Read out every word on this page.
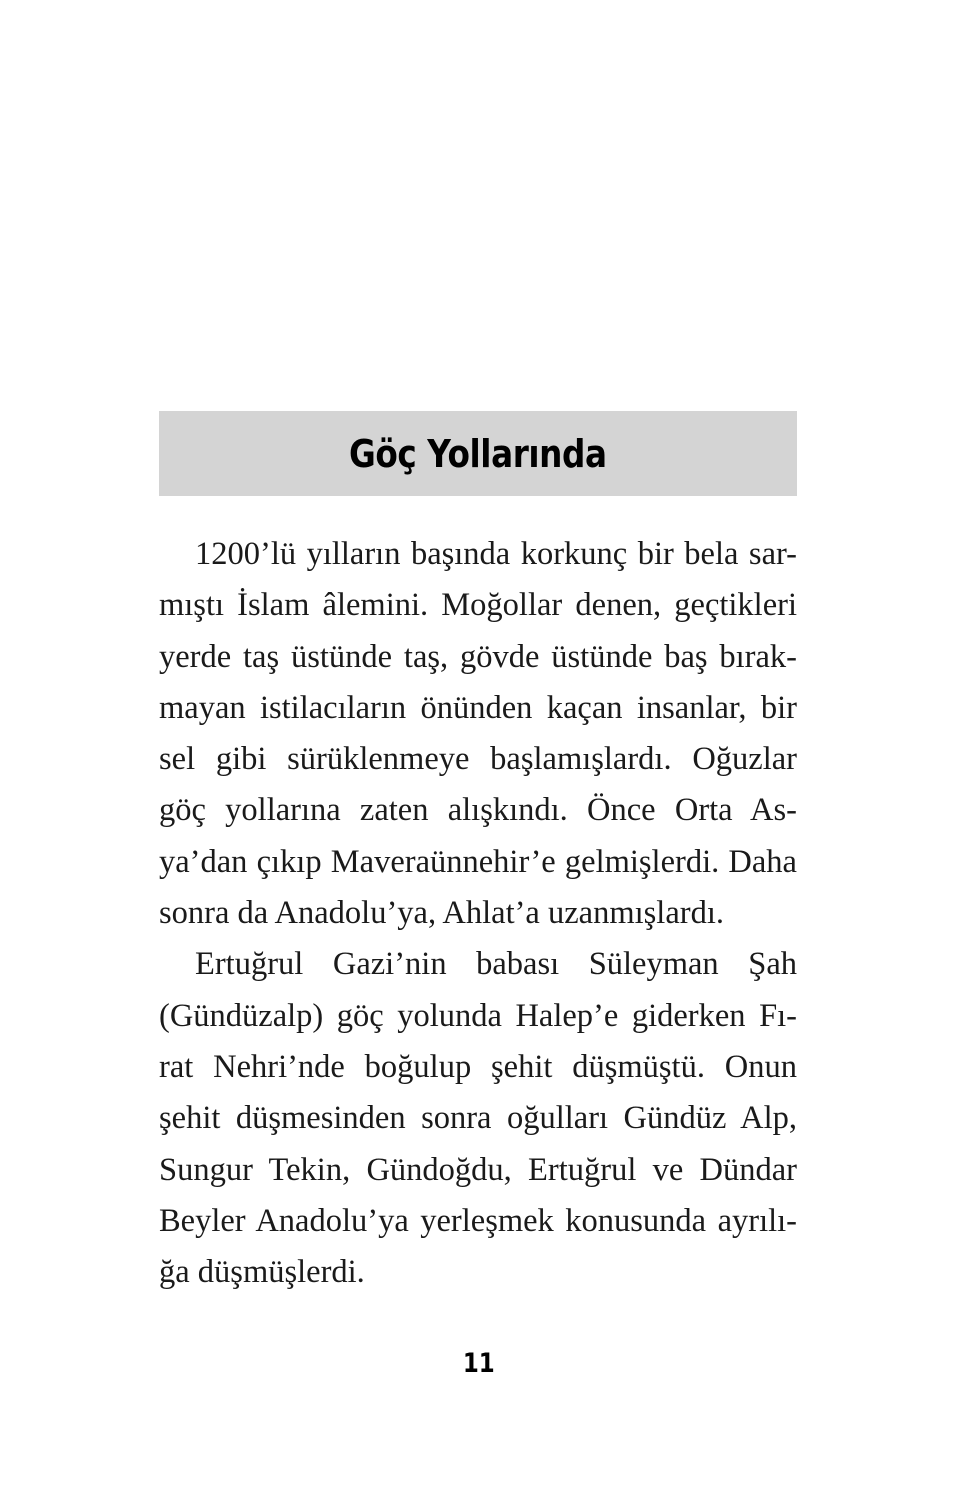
Göç Yollarında
1200’lü yılların başında korkunç bir bela sar-
mıştı İslam âlemini. Moğollar denen, geçtikleri
yerde taş üstünde taş, gövde üstünde baş bırak-
mayan istilacıların önünden kaçan insanlar, bir
sel gibi sürüklenmeye başlamışlardı. Oğuzlar
göç yollarına zaten alışkındı. Önce Orta As-
ya’dan çıkıp Maveraünnehir’e gelmişlerdi. Daha
sonra da Anadolu’ya, Ahlat’a uzanmışlardı.
Ertuğrul Gazi’nin babası Süleyman Şah
(Gündüzalp) göç yolunda Halep’e giderken Fı-
rat Nehri’nde boğulup şehit düşmüştü. Onun
şehit düşmesinden sonra oğulları Gündüz Alp,
Sungur Tekin, Gündoğdu, Ertuğrul ve Dündar
Beyler Anadolu’ya yerleşmek konusunda ayrılı-
ğa düşmüşlerdi.
11
